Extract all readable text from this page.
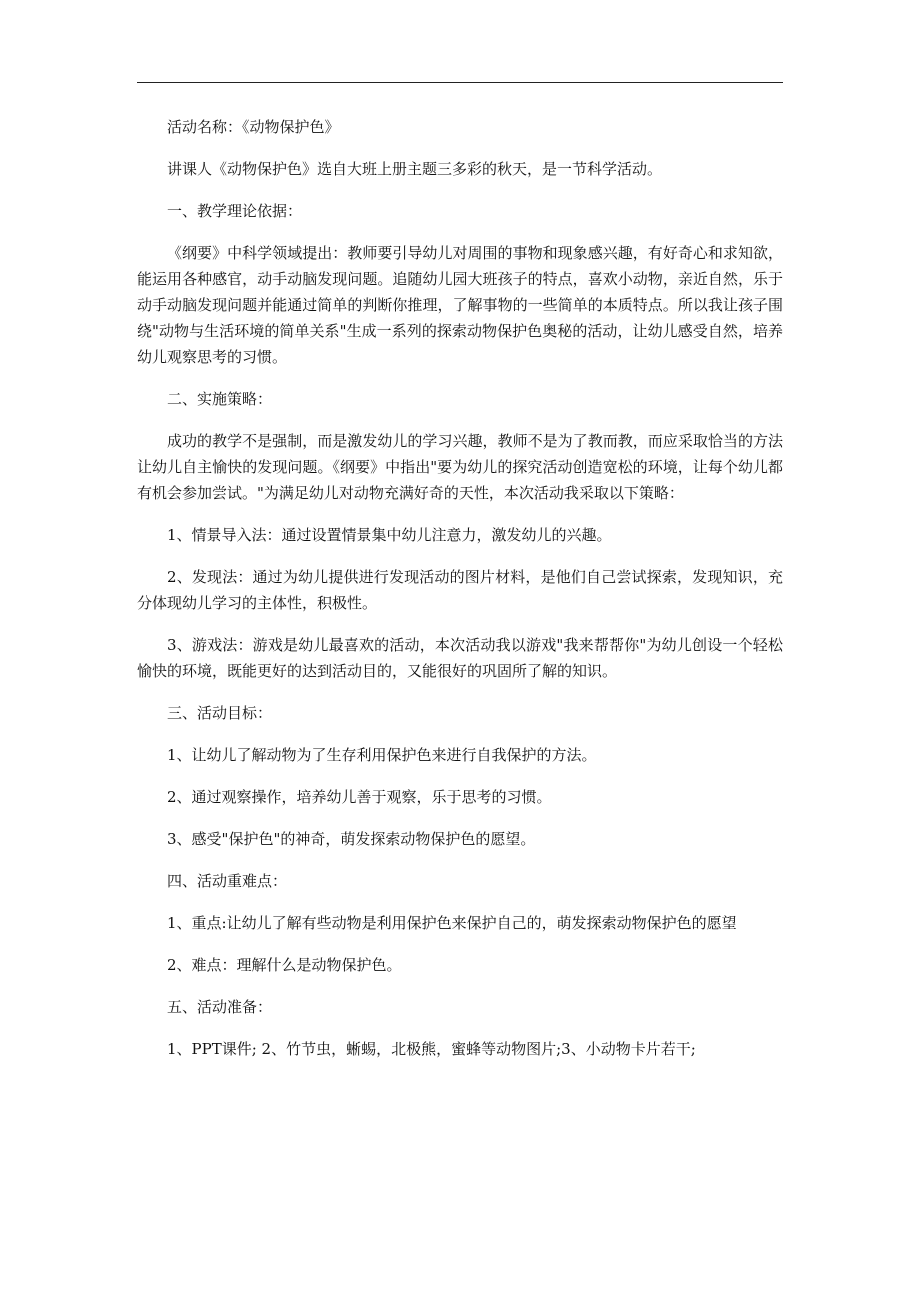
活动名称：《动物保护色》

讲课人《动物保护色》选自大班上册主题三多彩的秋天，是一节科学活动。

一、教学理论依据：

《纲要》中科学领域提出：教师要引导幼儿对周围的事物和现象感兴趣，有好奇心和求知欲，能运用各种感官，动手动脑发现问题。追随幼儿园大班孩子的特点，喜欢小动物，亲近自然，乐于动手动脑发现问题并能通过简单的判断你推理，了解事物的一些简单的本质特点。所以我让孩子围绕"动物与生活环境的简单关系"生成一系列的探索动物保护色奥秘的活动，让幼儿感受自然，培养幼儿观察思考的习惯。

二、实施策略：

成功的教学不是强制，而是激发幼儿的学习兴趣，教师不是为了教而教，而应采取恰当的方法让幼儿自主愉快的发现问题。《纲要》中指出"要为幼儿的探究活动创造宽松的环境，让每个幼儿都有机会参加尝试。"为满足幼儿对动物充满好奇的天性，本次活动我采取以下策略：

1、情景导入法：通过设置情景集中幼儿注意力，激发幼儿的兴趣。

2、发现法：通过为幼儿提供进行发现活动的图片材料，是他们自己尝试探索，发现知识，充分体现幼儿学习的主体性，积极性。

3、游戏法：游戏是幼儿最喜欢的活动，本次活动我以游戏"我来帮帮你"为幼儿创设一个轻松愉快的环境，既能更好的达到活动目的，又能很好的巩固所了解的知识。

三、活动目标：

1、让幼儿了解动物为了生存利用保护色来进行自我保护的方法。

2、通过观察操作，培养幼儿善于观察，乐于思考的习惯。

3、感受"保护色"的神奇，萌发探索动物保护色的愿望。

四、活动重难点：

1、重点:让幼儿了解有些动物是利用保护色来保护自己的，萌发探索动物保护色的愿望

2、难点：理解什么是动物保护色。

五、活动准备：

1、PPT课件; 2、竹节虫，蜥蜴，北极熊，蜜蜂等动物图片;3、小动物卡片若干;
